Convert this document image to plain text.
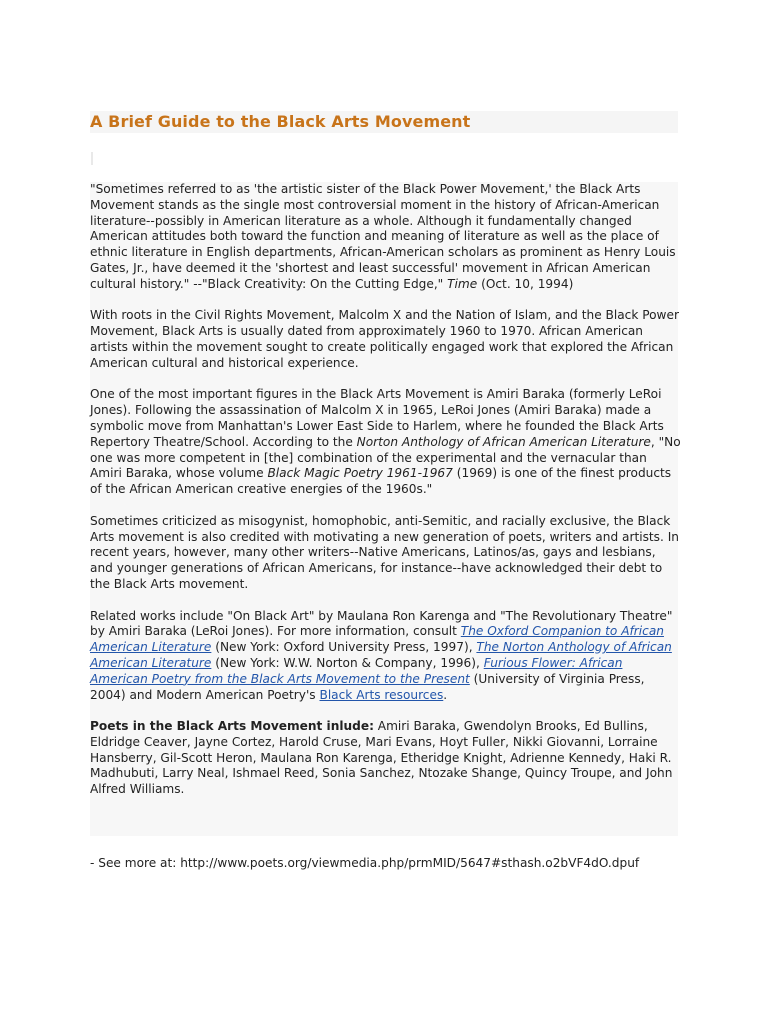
A Brief Guide to the Black Arts Movement

"Sometimes referred to as 'the artistic sister of the Black Power Movement,' the Black Arts Movement stands as the single most controversial moment in the history of African-American literature--possibly in American literature as a whole. Although it fundamentally changed American attitudes both toward the function and meaning of literature as well as the place of ethnic literature in English departments, African-American scholars as prominent as Henry Louis Gates, Jr., have deemed it the 'shortest and least successful' movement in African American cultural history." --"Black Creativity: On the Cutting Edge," Time (Oct. 10, 1994)

With roots in the Civil Rights Movement, Malcolm X and the Nation of Islam, and the Black Power Movement, Black Arts is usually dated from approximately 1960 to 1970. African American artists within the movement sought to create politically engaged work that explored the African American cultural and historical experience.

One of the most important figures in the Black Arts Movement is Amiri Baraka (formerly LeRoi Jones). Following the assassination of Malcolm X in 1965, LeRoi Jones (Amiri Baraka) made a symbolic move from Manhattan's Lower East Side to Harlem, where he founded the Black Arts Repertory Theatre/School. According to the Norton Anthology of African American Literature, "No one was more competent in [the] combination of the experimental and the vernacular than Amiri Baraka, whose volume Black Magic Poetry 1961-1967 (1969) is one of the finest products of the African American creative energies of the 1960s."

Sometimes criticized as misogynist, homophobic, anti-Semitic, and racially exclusive, the Black Arts movement is also credited with motivating a new generation of poets, writers and artists. In recent years, however, many other writers--Native Americans, Latinos/as, gays and lesbians, and younger generations of African Americans, for instance--have acknowledged their debt to the Black Arts movement.

Related works include "On Black Art" by Maulana Ron Karenga and "The Revolutionary Theatre" by Amiri Baraka (LeRoi Jones). For more information, consult The Oxford Companion to African American Literature (New York: Oxford University Press, 1997), The Norton Anthology of African American Literature (New York: W.W. Norton & Company, 1996), Furious Flower: African American Poetry from the Black Arts Movement to the Present (University of Virginia Press, 2004) and Modern American Poetry's Black Arts resources.

Poets in the Black Arts Movement inlude: Amiri Baraka, Gwendolyn Brooks, Ed Bullins, Eldridge Ceaver, Jayne Cortez, Harold Cruse, Mari Evans, Hoyt Fuller, Nikki Giovanni, Lorraine Hansberry, Gil-Scott Heron, Maulana Ron Karenga, Etheridge Knight, Adrienne Kennedy, Haki R. Madhubuti, Larry Neal, Ishmael Reed, Sonia Sanchez, Ntozake Shange, Quincy Troupe, and John Alfred Williams.

- See more at: http://www.poets.org/viewmedia.php/prmMID/5647#sthash.o2bVF4dO.dpuf
